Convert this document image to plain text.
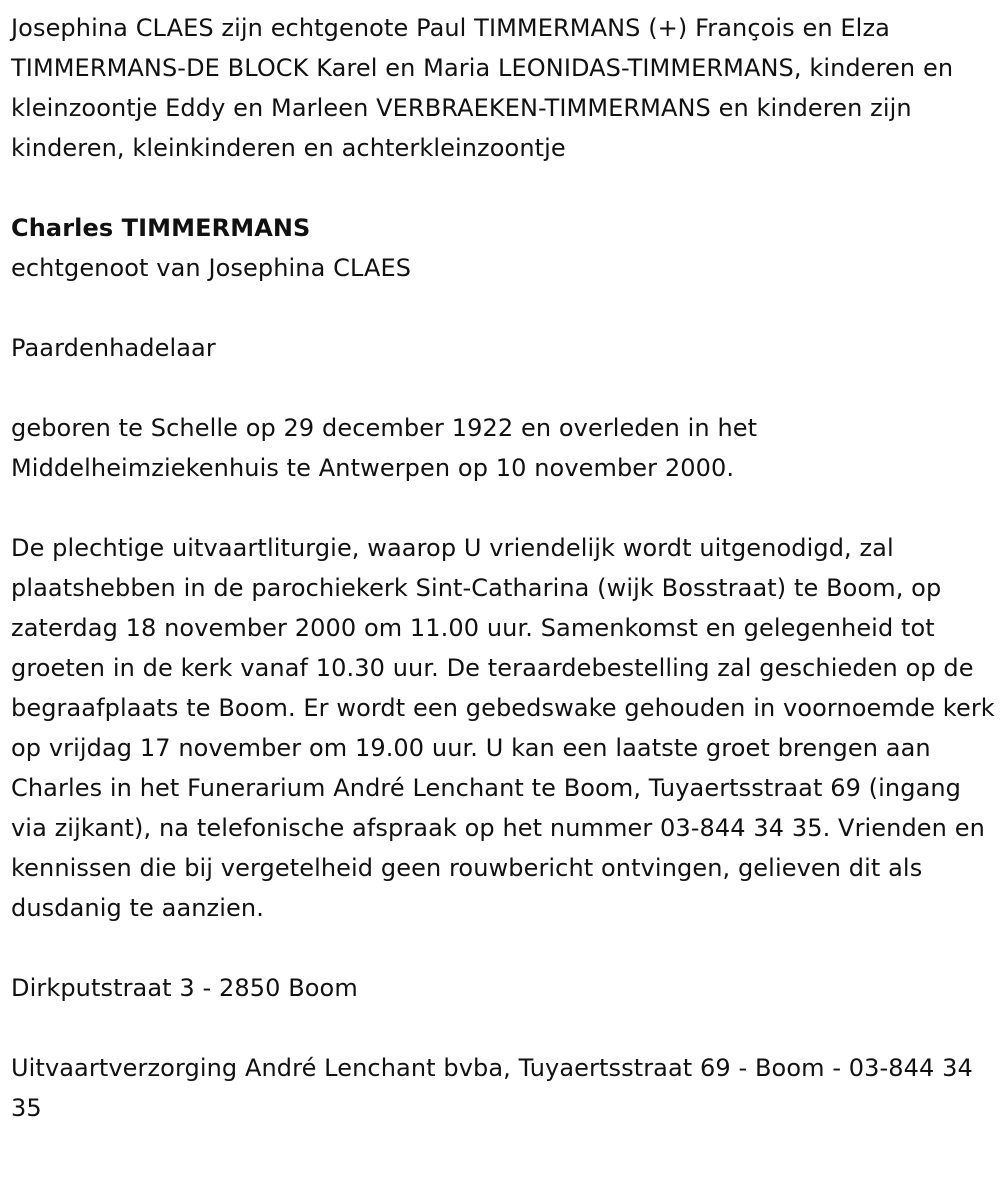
Josephina CLAES zijn echtgenote Paul TIMMERMANS (+) François en Elza TIMMERMANS-DE BLOCK Karel en Maria LEONIDAS-TIMMERMANS, kinderen en kleinzoontje Eddy en Marleen VERBRAEKEN-TIMMERMANS en kinderen zijn kinderen, kleinkinderen en achterkleinzoontje

Charles TIMMERMANS

echtgenoot van Josephina CLAES

Paardenhadelaar

geboren te Schelle op 29 december 1922 en overleden in het Middelheimziekenhuis te Antwerpen op 10 november 2000.

De plechtige uitvaartliturgie, waarop U vriendelijk wordt uitgenodigd, zal plaatshebben in de parochiekerk Sint-Catharina (wijk Bosstraat) te Boom, op zaterdag 18 november 2000 om 11.00 uur. Samenkomst en gelegenheid tot groeten in de kerk vanaf 10.30 uur. De teraardebestelling zal geschieden op de begraafplaats te Boom. Er wordt een gebedswake gehouden in voornoemde kerk op vrijdag 17 november om 19.00 uur. U kan een laatste groet brengen aan Charles in het Funerarium André Lenchant te Boom, Tuyaertsstraat 69 (ingang via zijkant), na telefonische afspraak op het nummer 03-844 34 35. Vrienden en kennissen die bij vergetelheid geen rouwbericht ontvingen, gelieven dit als dusdanig te aanzien.

Dirkputstraat 3 - 2850 Boom

Uitvaartverzorging André Lenchant bvba, Tuyaertsstraat 69 - Boom - 03-844 34 35
